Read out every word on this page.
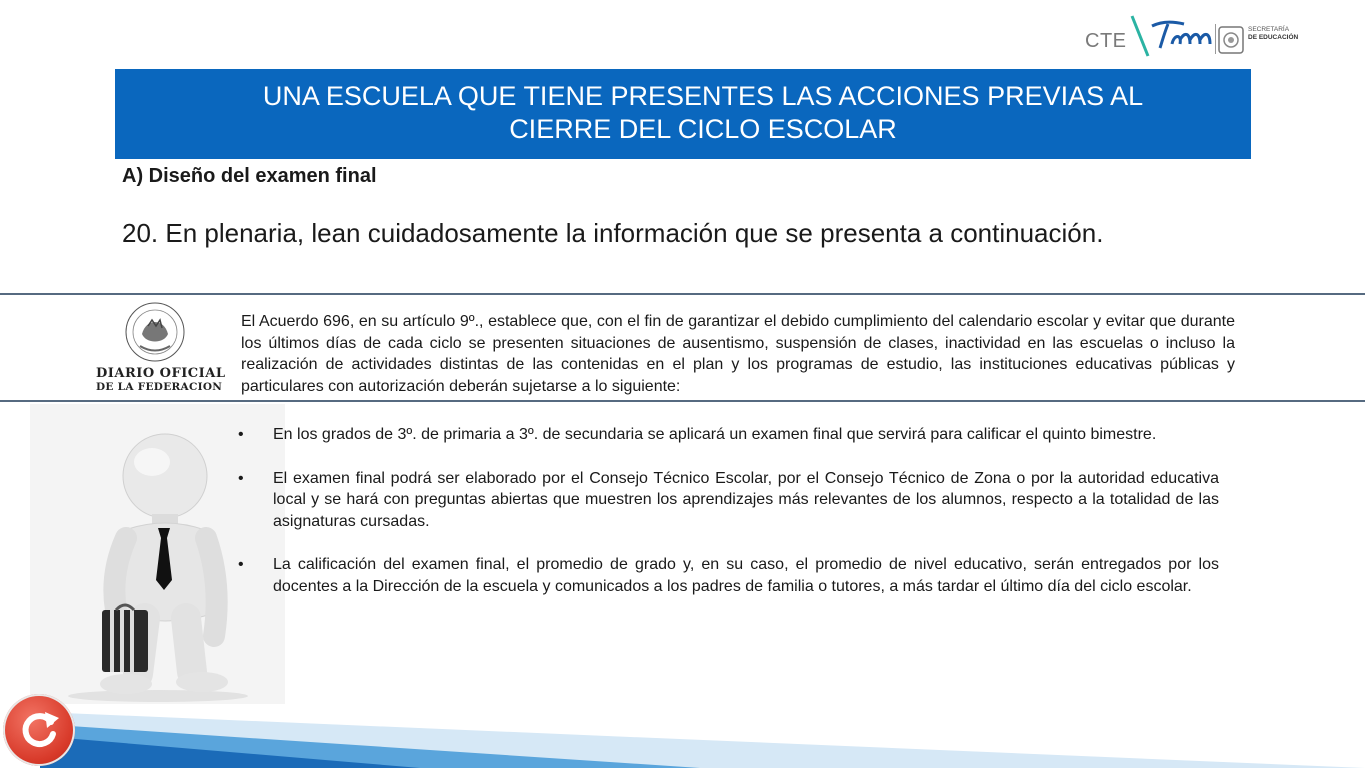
CTE
SECRETARÍA
DE EDUCACIÓN
UNA ESCUELA QUE TIENE PRESENTES LAS ACCIONES PREVIAS AL
CIERRE DEL CICLO ESCOLAR
A) Diseño del examen final
20. En plenaria, lean cuidadosamente la información que se presenta a continuación.
DIARIO OFICIAL
DE LA FEDERACION
El Acuerdo 696, en su artículo 9º., establece que, con el fin de garantizar el debido cumplimiento del calendario escolar y evitar que durante los últimos días de cada ciclo se presenten situaciones de ausentismo, suspensión de clases, inactividad en las escuelas o incluso la realización de actividades distintas de las contenidas en el plan y los programas de estudio, las instituciones educativas públicas y particulares con autorización deberán sujetarse a lo siguiente:
• En los grados de 3º. de primaria a 3º. de secundaria se aplicará un examen final que servirá para calificar el quinto bimestre.
• El examen final podrá ser elaborado por el Consejo Técnico Escolar, por el Consejo Técnico de Zona o por la autoridad educativa local y se hará con preguntas abiertas que muestren los aprendizajes más relevantes de los alumnos, respecto a la totalidad de las asignaturas cursadas.
• La calificación del examen final, el promedio de grado y, en su caso, el promedio de nivel educativo, serán entregados por los docentes a la Dirección de la escuela y comunicados a los padres de familia o tutores, a más tardar el último día del ciclo escolar.
